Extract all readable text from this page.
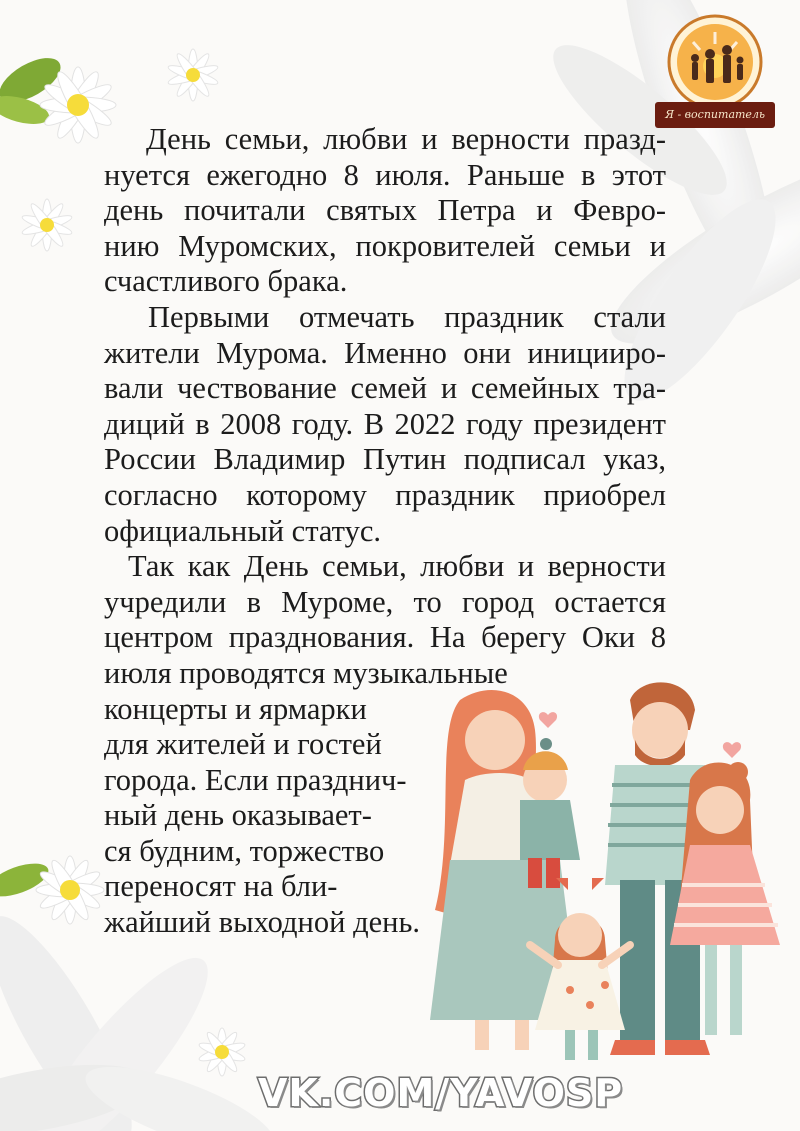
Я - воспитатель
День семьи, любви и верности празд-
нуется ежегодно 8 июля. Раньше в этот
день почитали святых Петра и Февро-
нию Муромских, покровителей семьи и
счастливого брака.
Первыми отмечать праздник стали
жители Мурома. Именно они иницииро-
вали чествование семей и семейных тра-
диций в 2008 году. В 2022 году президент
России Владимир Путин подписал указ,
согласно которому праздник приобрел
официальный статус.
Так как День семьи, любви и верности
учредили в Муроме, то город остается
центром празднования. На берегу Оки 8
июля проводятся музыкальные
концерты и ярмарки
для жителей и гостей
города. Если празднич-
ный день оказывает-
ся будним, торжество
переносят на бли-
жайший выходной день.
VK.COM/YAVOSP
